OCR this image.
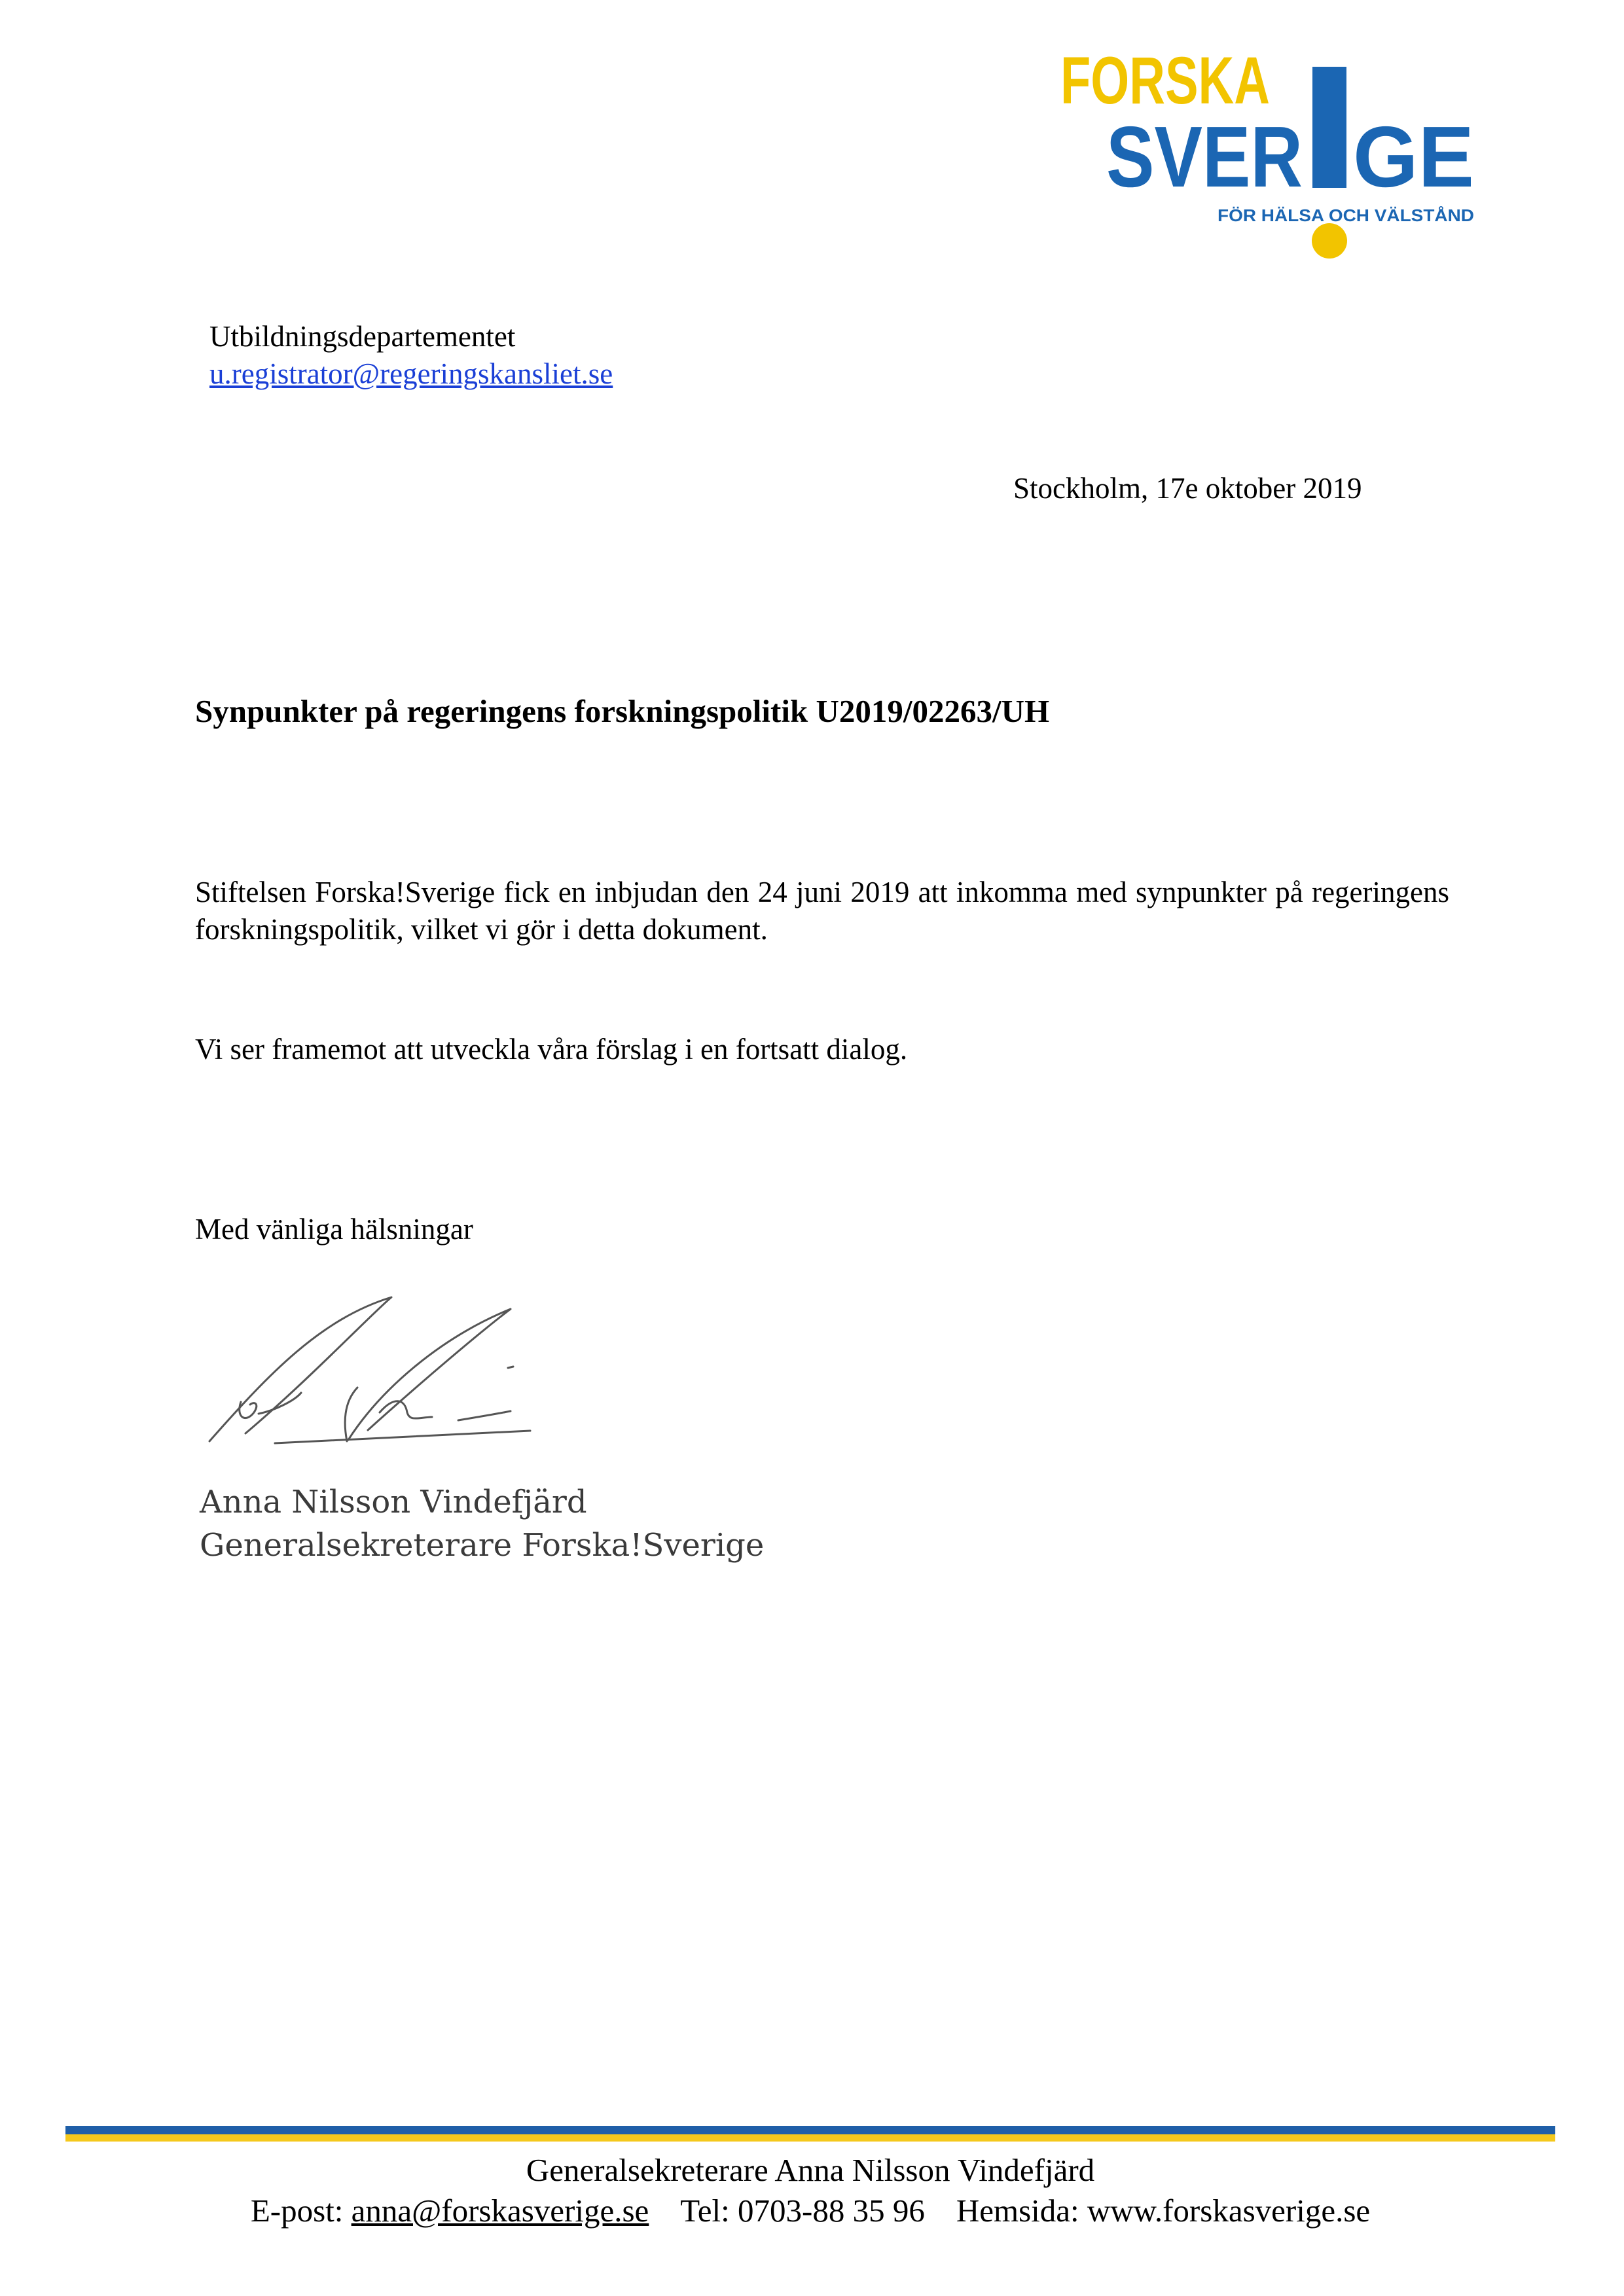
FORSKA
SVER GE
FÖR HÄLSA OCH VÄLSTÅND
Utbildningsdepartementet
u.registrator@regeringskansliet.se
Stockholm, 17e oktober 2019
Synpunkter på regeringens forskningspolitik U2019/02263/UH
Stiftelsen Forska!Sverige fick en inbjudan den 24 juni 2019 att inkomma med synpunkter på regeringens forskningspolitik, vilket vi gör i detta dokument.
Vi ser framemot att utveckla våra förslag i en fortsatt dialog.
Med vänliga hälsningar
Anna Nilsson Vindefjärd
Generalsekreterare Forska!Sverige
Generalsekreterare Anna Nilsson Vindefjärd
E-post: anna@forskasverige.se Tel: 0703-88 35 96 Hemsida: www.forskasverige.se
